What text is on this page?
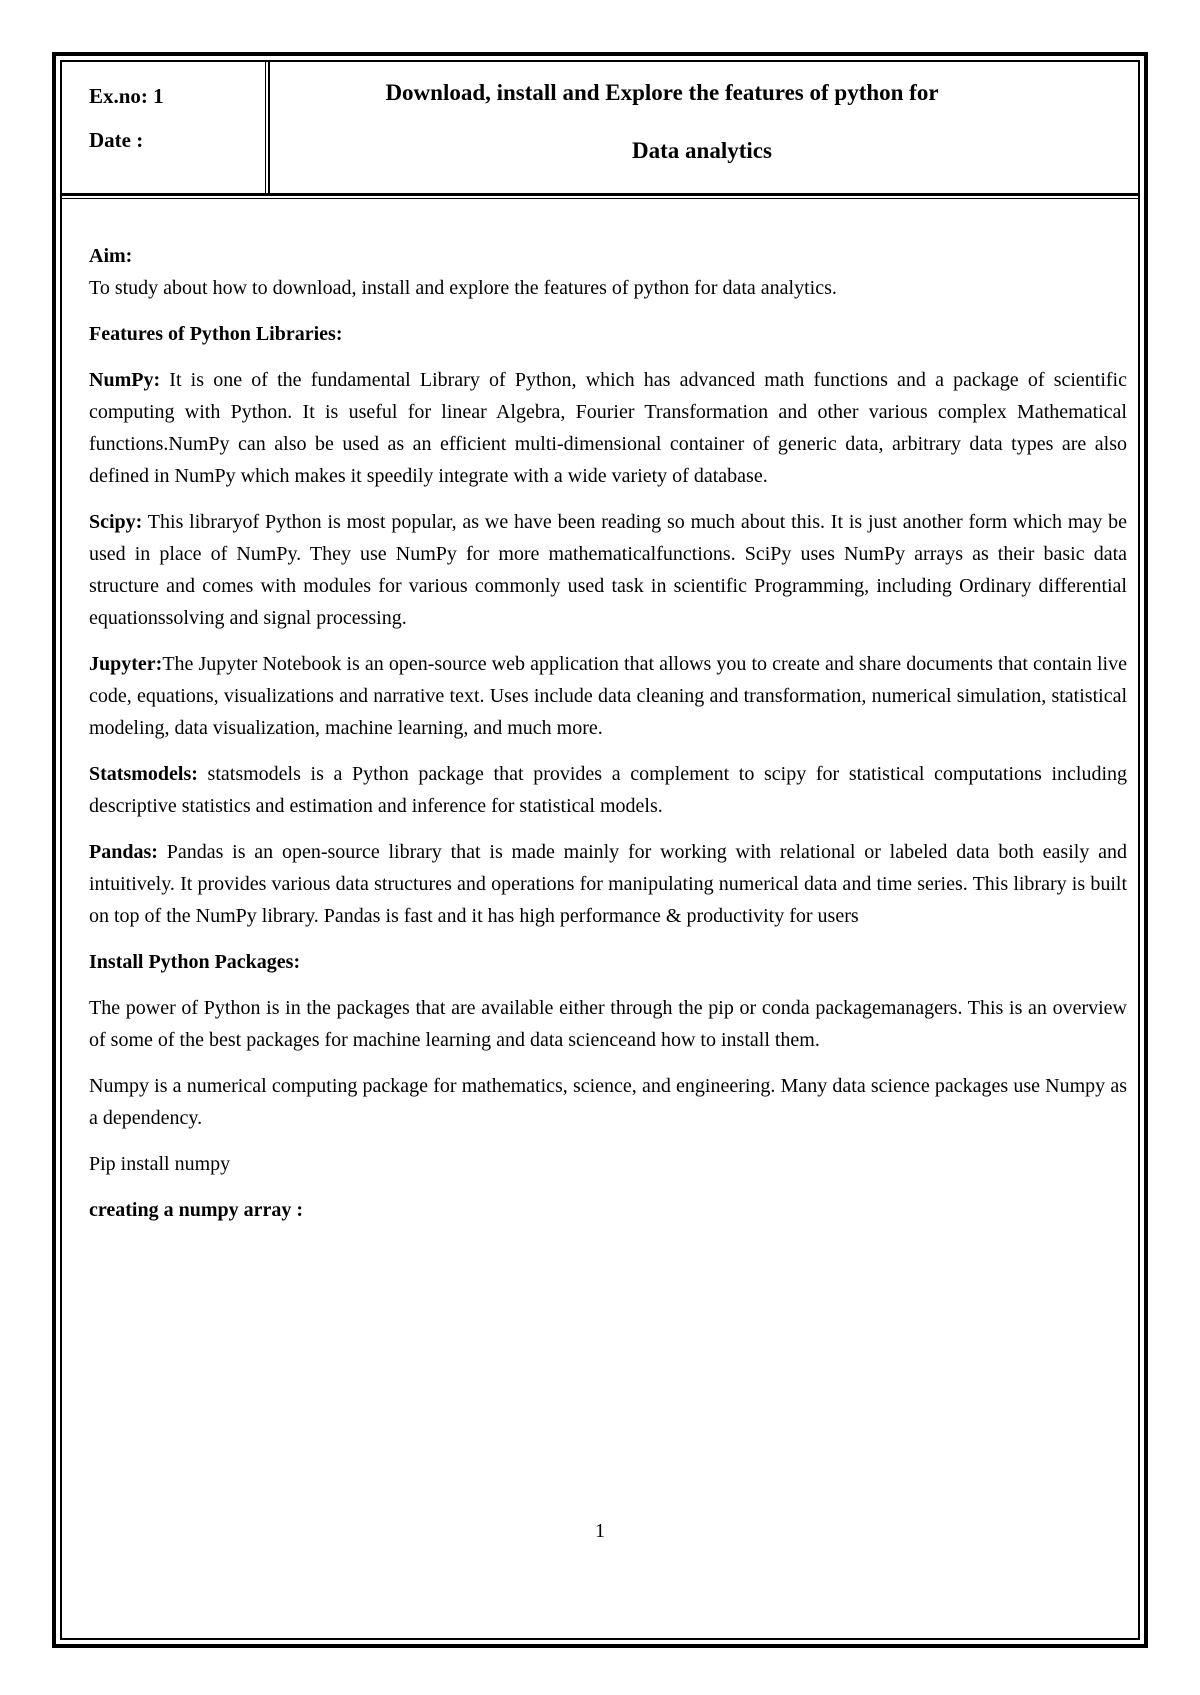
Ex.no: 1
Date :
Download, install and Explore the features of python for
Data analytics

Aim:

To study about how to download, install and explore the features of python for data analytics.

Features of Python Libraries:

NumPy: It is one of the fundamental Library of Python, which has advanced math functions and a package of scientific computing with Python. It is useful for linear Algebra, Fourier Transformation and other various complex Mathematical functions.NumPy can also be used as an efficient multi-dimensional container of generic data, arbitrary data types are also defined in NumPy which makes it speedily integrate with a wide variety of database.

Scipy: This libraryof Python is most popular, as we have been reading so much about this. It is just another form which may be used in place of NumPy. They use NumPy for more mathematicalfunctions. SciPy uses NumPy arrays as their basic data structure and comes with modules for various commonly used task in scientific Programming, including Ordinary differential equationssolving and signal processing.

Jupyter:The Jupyter Notebook is an open-source web application that allows you to create and share documents that contain live code, equations, visualizations and narrative text. Uses include data cleaning and transformation, numerical simulation, statistical modeling, data visualization, machine learning, and much more.

Statsmodels: statsmodels is a Python package that provides a complement to scipy for statistical computations including descriptive statistics and estimation and inference for statistical models.

Pandas: Pandas is an open-source library that is made mainly for working with relational or labeled data both easily and intuitively. It provides various data structures and operations for manipulating numerical data and time series. This library is built on top of the NumPy library. Pandas is fast and it has high performance & productivity for users

Install Python Packages:

The power of Python is in the packages that are available either through the pip or conda packagemanagers. This is an overview of some of the best packages for machine learning and data scienceand how to install them.

Numpy is a numerical computing package for mathematics, science, and engineering. Many data science packages use Numpy as a dependency.

Pip install numpy

creating a numpy array :

1
